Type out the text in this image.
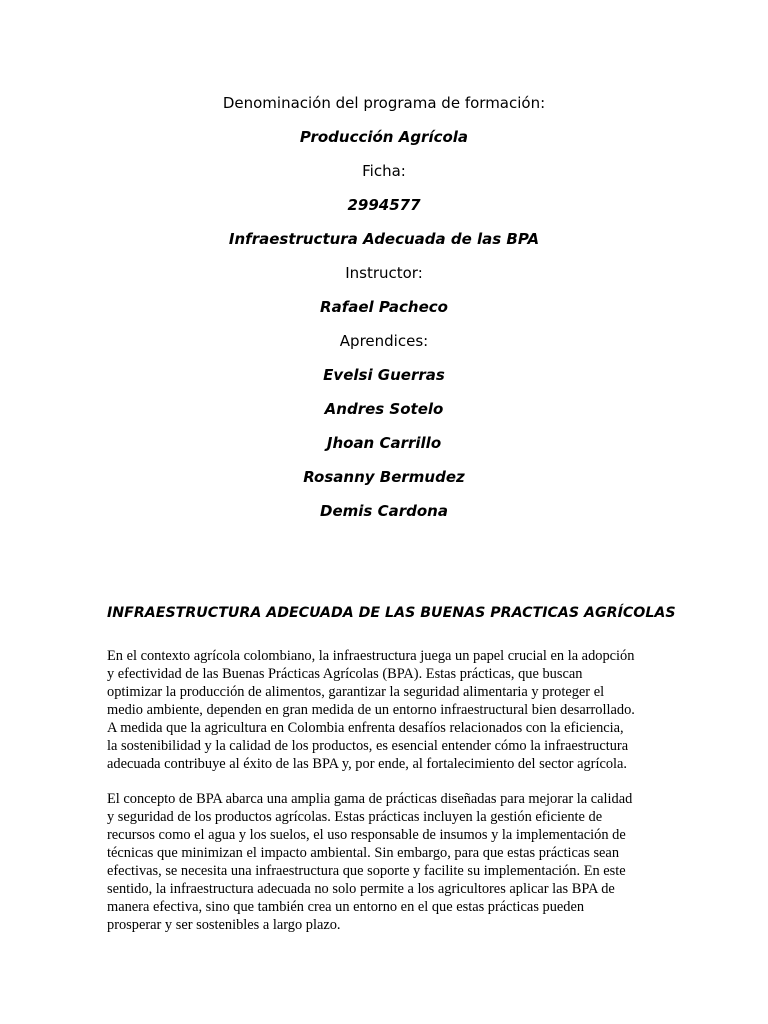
Denominación del programa de formación:
Producción Agrícola
Ficha:
2994577
Infraestructura Adecuada de las BPA
Instructor:
Rafael Pacheco
Aprendices:
Evelsi Guerras
Andres Sotelo
Jhoan Carrillo
Rosanny Bermudez
Demis Cardona
INFRAESTRUCTURA ADECUADA DE LAS BUENAS PRACTICAS AGRÍCOLAS

En el contexto agrícola colombiano, la infraestructura juega un papel crucial en la adopción
y efectividad de las Buenas Prácticas Agrícolas (BPA). Estas prácticas, que buscan
optimizar la producción de alimentos, garantizar la seguridad alimentaria y proteger el
medio ambiente, dependen en gran medida de un entorno infraestructural bien desarrollado.
A medida que la agricultura en Colombia enfrenta desafíos relacionados con la eficiencia,
la sostenibilidad y la calidad de los productos, es esencial entender cómo la infraestructura
adecuada contribuye al éxito de las BPA y, por ende, al fortalecimiento del sector agrícola.

El concepto de BPA abarca una amplia gama de prácticas diseñadas para mejorar la calidad
y seguridad de los productos agrícolas. Estas prácticas incluyen la gestión eficiente de
recursos como el agua y los suelos, el uso responsable de insumos y la implementación de
técnicas que minimizan el impacto ambiental. Sin embargo, para que estas prácticas sean
efectivas, se necesita una infraestructura que soporte y facilite su implementación. En este
sentido, la infraestructura adecuada no solo permite a los agricultores aplicar las BPA de
manera efectiva, sino que también crea un entorno en el que estas prácticas pueden
prosperar y ser sostenibles a largo plazo.
